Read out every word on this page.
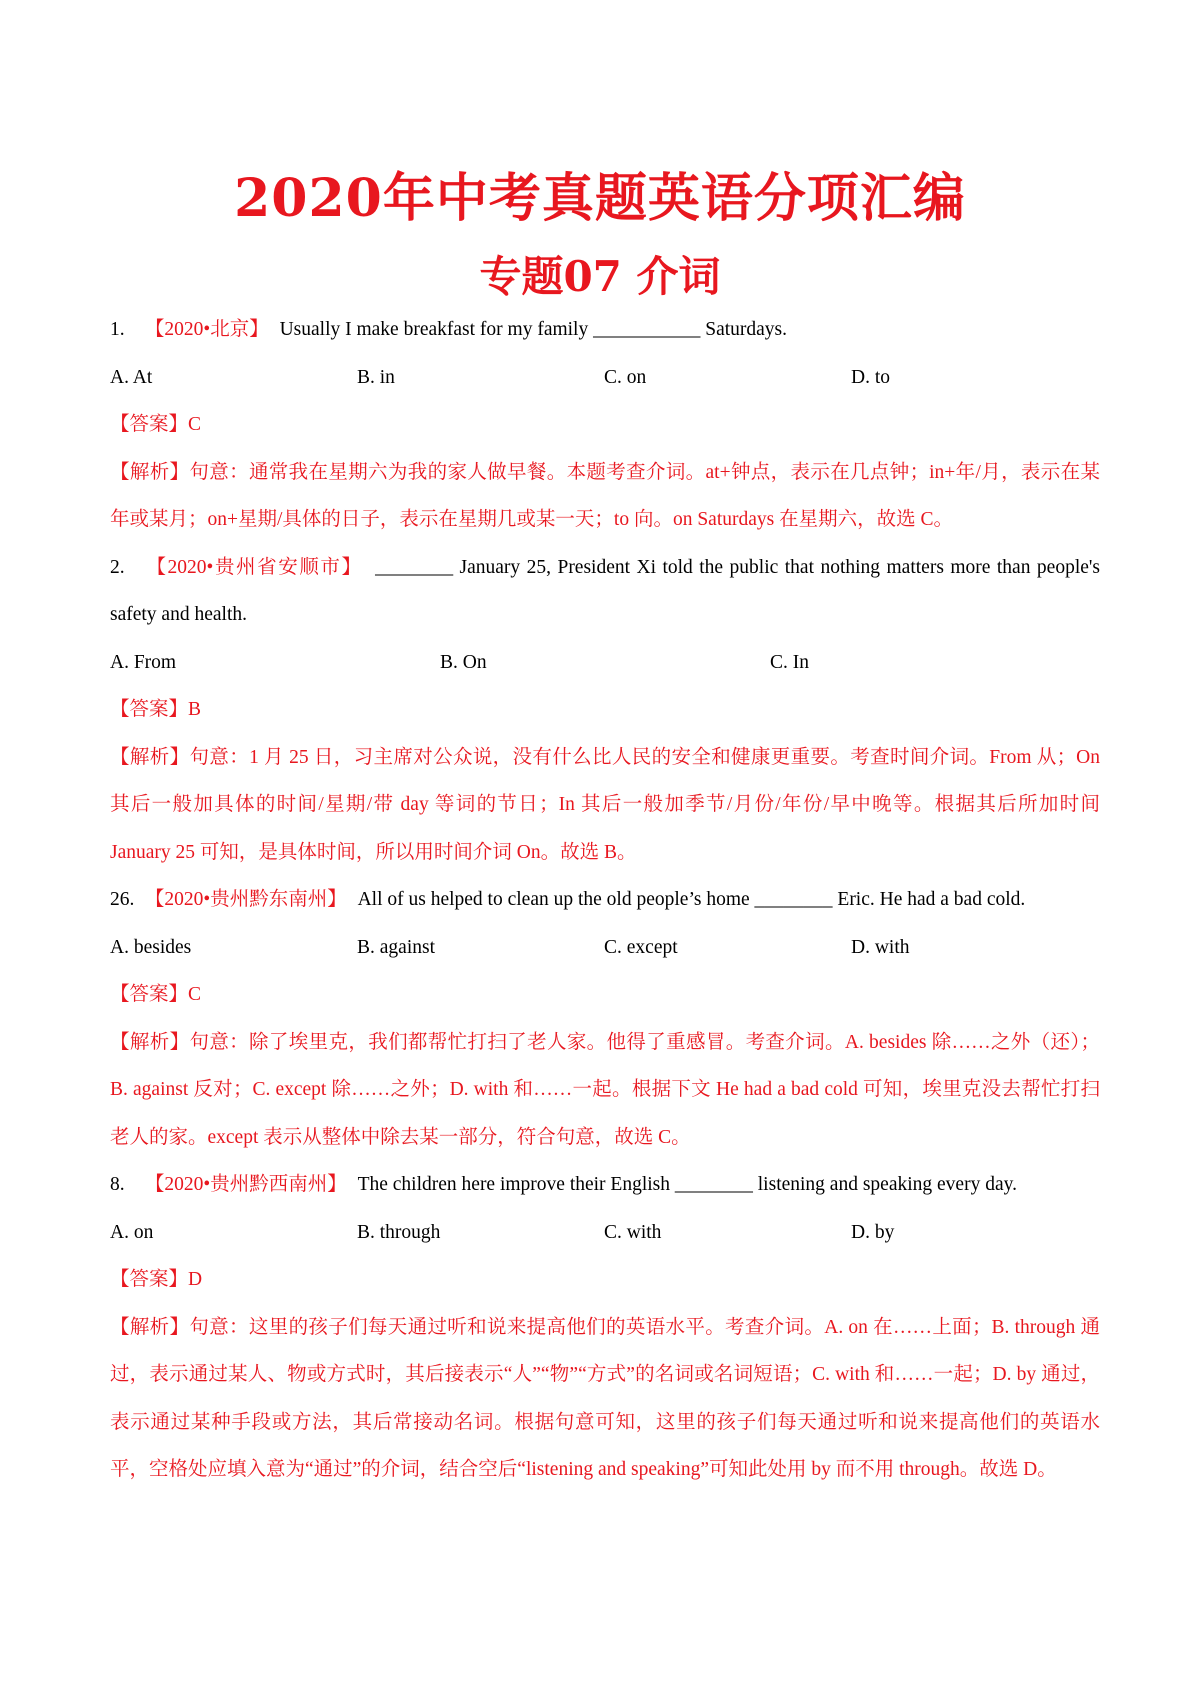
2020年中考真题英语分项汇编
专题07 介词

1. 【2020•北京】 Usually I make breakfast for my family ___________ Saturdays.

A. At	B. in	C. on	D. to

【答案】C

【解析】句意：通常我在星期六为我的家人做早餐。本题考查介词。at+钟点，表示在几点钟；in+年/月，表示在某年或某月；on+星期/具体的日子，表示在星期几或某一天；to 向。on Saturdays 在星期六，故选 C。

2. 【2020•贵州省安顺市】 ________ January 25, President Xi told the public that nothing matters more than people's safety and health.

A. From	B. On	C. In

【答案】B

【解析】句意：1 月 25 日，习主席对公众说，没有什么比人民的安全和健康更重要。考查时间介词。From 从；On 其后一般加具体的时间/星期/带 day 等词的节日；In 其后一般加季节/月份/年份/早中晚等。根据其后所加时间 January 25 可知，是具体时间，所以用时间介词 On。故选 B。

26. 【2020•贵州黔东南州】 All of us helped to clean up the old people’s home ________ Eric. He had a bad cold.

A. besides	B. against	C. except	D. with

【答案】C

【解析】句意：除了埃里克，我们都帮忙打扫了老人家。他得了重感冒。考查介词。A. besides 除……之外（还）；B. against 反对；C. except 除……之外；D. with 和……一起。根据下文 He had a bad cold 可知，埃里克没去帮忙打扫老人的家。except 表示从整体中除去某一部分，符合句意，故选 C。

8. 【2020•贵州黔西南州】 The children here improve their English ________ listening and speaking every day.

A. on	B. through	C. with	D. by

【答案】D

【解析】句意：这里的孩子们每天通过听和说来提高他们的英语水平。考查介词。A. on 在……上面；B. through 通过，表示通过某人、物或方式时，其后接表示“人”“物”“方式”的名词或名词短语；C. with 和……一起；D. by 通过，表示通过某种手段或方法，其后常接动名词。根据句意可知，这里的孩子们每天通过听和说来提高他们的英语水平，空格处应填入意为“通过”的介词，结合空后“listening and speaking”可知此处用 by 而不用 through。故选 D。
